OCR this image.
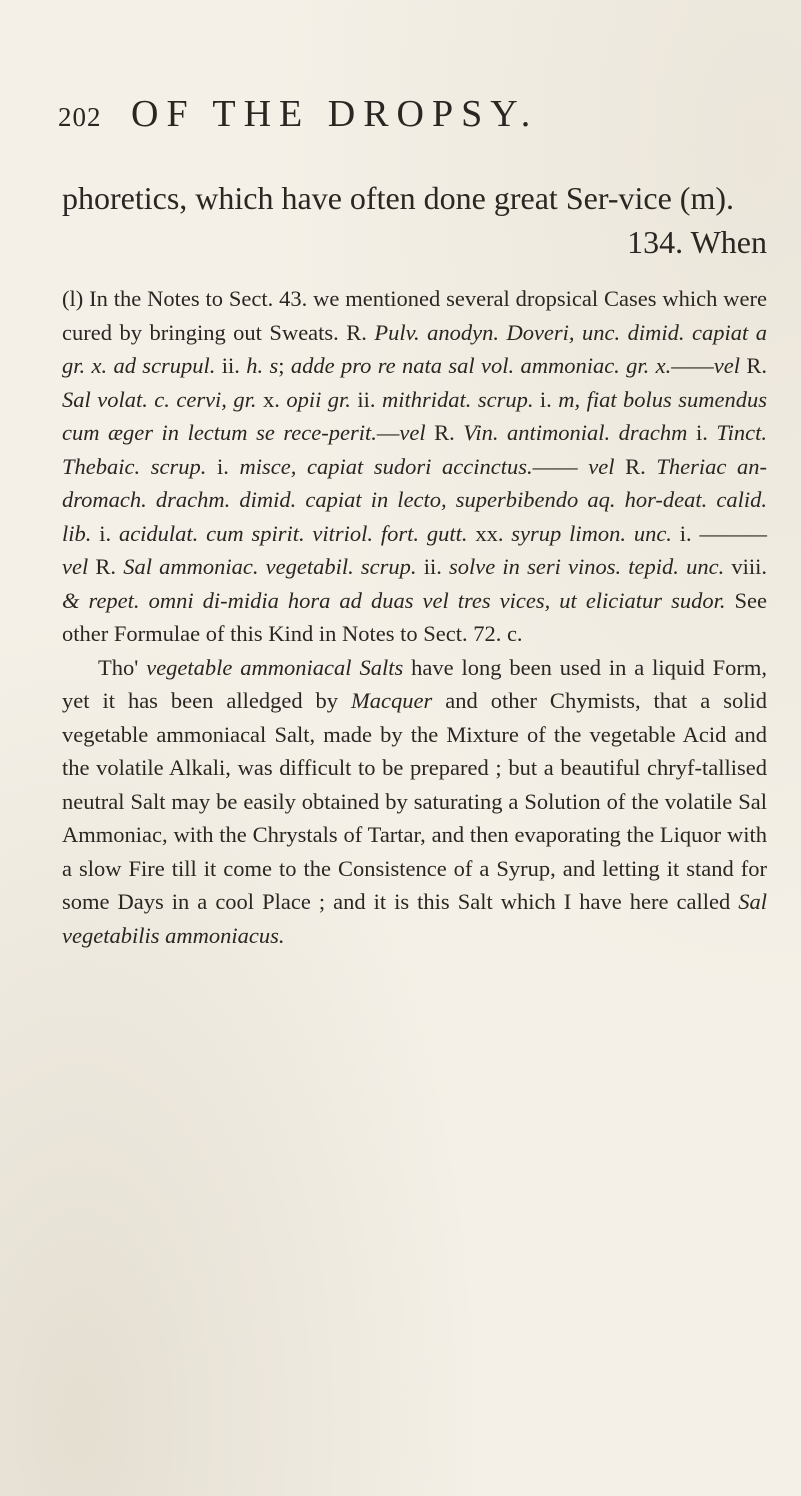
202 OF THE DROPSY.

phoretics, which have often done great Ser-vice (m).

134. When

(l) In the Notes to Sect. 43. we mentioned several dropsical Cases which were cured by bringing out Sweats. R. Pulv. anodyn. Doveri, unc. dimid. capiat a gr. x. ad scrupul. ii. h. s; adde pro re nata sal vol. ammoniac. gr. x.——vel R. Sal volat. c. cervi, gr. x. opii gr. ii. mithridat. scrup. i. m, fiat bolus sumendus cum æger in lectum se rece-perit.—vel R. Vin. antimonial. drachm i. Tinct. Thebaic. scrup. i. misce, capiat sudori accinctus.—— vel R. Theriac an-dromach. drachm. dimid. capiat in lecto, superbibendo aq. hor-deat. calid. lib. i. acidulat. cum spirit. vitriol. fort. gutt. xx. syrup limon. unc. i. ——— vel R. Sal ammoniac. vegetabil. scrup. ii. solve in seri vinos. tepid. unc. viii. & repet. omni di-midia hora ad duas vel tres vices, ut eliciatur sudor. See other Formulae of this Kind in Notes to Sect. 72. c.

Tho' vegetable ammoniacal Salts have long been used in a liquid Form, yet it has been alledged by Macquer and other Chymists, that a solid vegetable ammoniacal Salt, made by the Mixture of the vegetable Acid and the volatile Alkali, was difficult to be prepared ; but a beautiful chryf-tallised neutral Salt may be easily obtained by saturating a Solution of the volatile Sal Ammoniac, with the Chrystals of Tartar, and then evaporating the Liquor with a slow Fire till it come to the Consistence of a Syrup, and letting it stand for some Days in a cool Place ; and it is this Salt which I have here called Sal vegetabilis ammoniacus.
